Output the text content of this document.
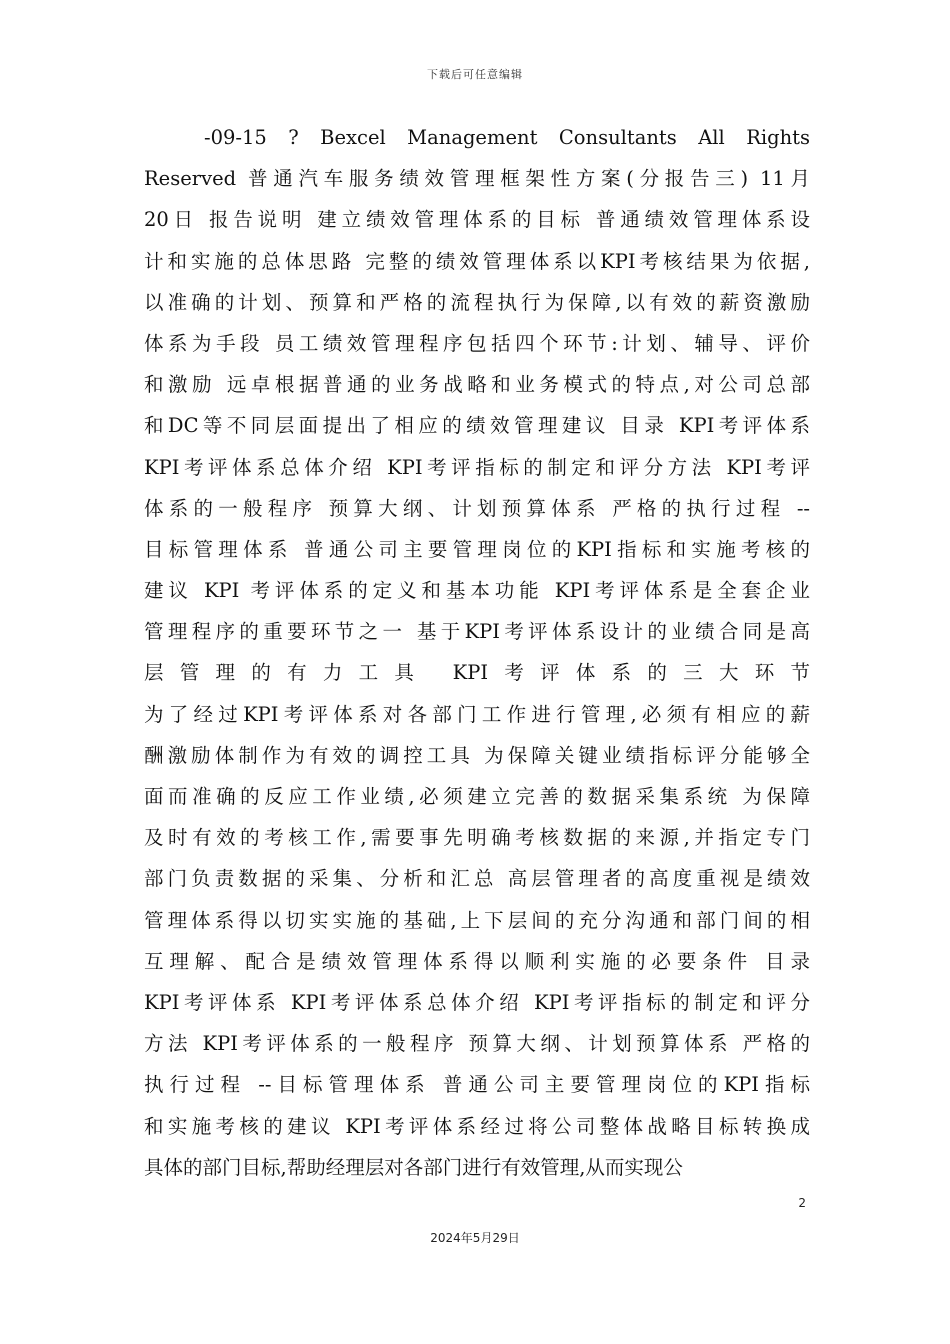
下载后可任意编辑
-09-15 ? Bexcel Management Consultants All Rights
Reserved 普通汽车服务绩效管理框架性方案(分报告三) 11月
20日 报告说明 建立绩效管理体系的目标 普通绩效管理体系设
计和实施的总体思路 完整的绩效管理体系以KPI考核结果为依据,
以准确的计划、预算和严格的流程执行为保障,以有效的薪资激励
体系为手段 员工绩效管理程序包括四个环节:计划、辅导、评价
和激励 远卓根据普通的业务战略和业务模式的特点,对公司总部
和DC等不同层面提出了相应的绩效管理建议 目录 KPI考评体系
KPI考评体系总体介绍 KPI考评指标的制定和评分方法 KPI考评
体系的一般程序 预算大纲、计划预算体系 严格的执行过程 --
目标管理体系 普通公司主要管理岗位的KPI指标和实施考核的
建议 KPI 考评体系的定义和基本功能 KPI考评体系是全套企业
管理程序的重要环节之一 基于KPI考评体系设计的业绩合同是高
层管理的有力工具 KPI考评体系的三大环节
为了经过KPI考评体系对各部门工作进行管理,必须有相应的薪
酬激励体制作为有效的调控工具 为保障关键业绩指标评分能够全
面而准确的反应工作业绩,必须建立完善的数据采集系统 为保障
及时有效的考核工作,需要事先明确考核数据的来源,并指定专门
部门负责数据的采集、分析和汇总 高层管理者的高度重视是绩效
管理体系得以切实实施的基础,上下层间的充分沟通和部门间的相
互理解、配合是绩效管理体系得以顺利实施的必要条件 目录
KPI考评体系 KPI考评体系总体介绍 KPI考评指标的制定和评分
方法 KPI考评体系的一般程序 预算大纲、计划预算体系 严格的
执行过程 --目标管理体系 普通公司主要管理岗位的KPI指标
和实施考核的建议 KPI考评体系经过将公司整体战略目标转换成
具体的部门目标,帮助经理层对各部门进行有效管理,从而实现公
2
2024年5月29日
